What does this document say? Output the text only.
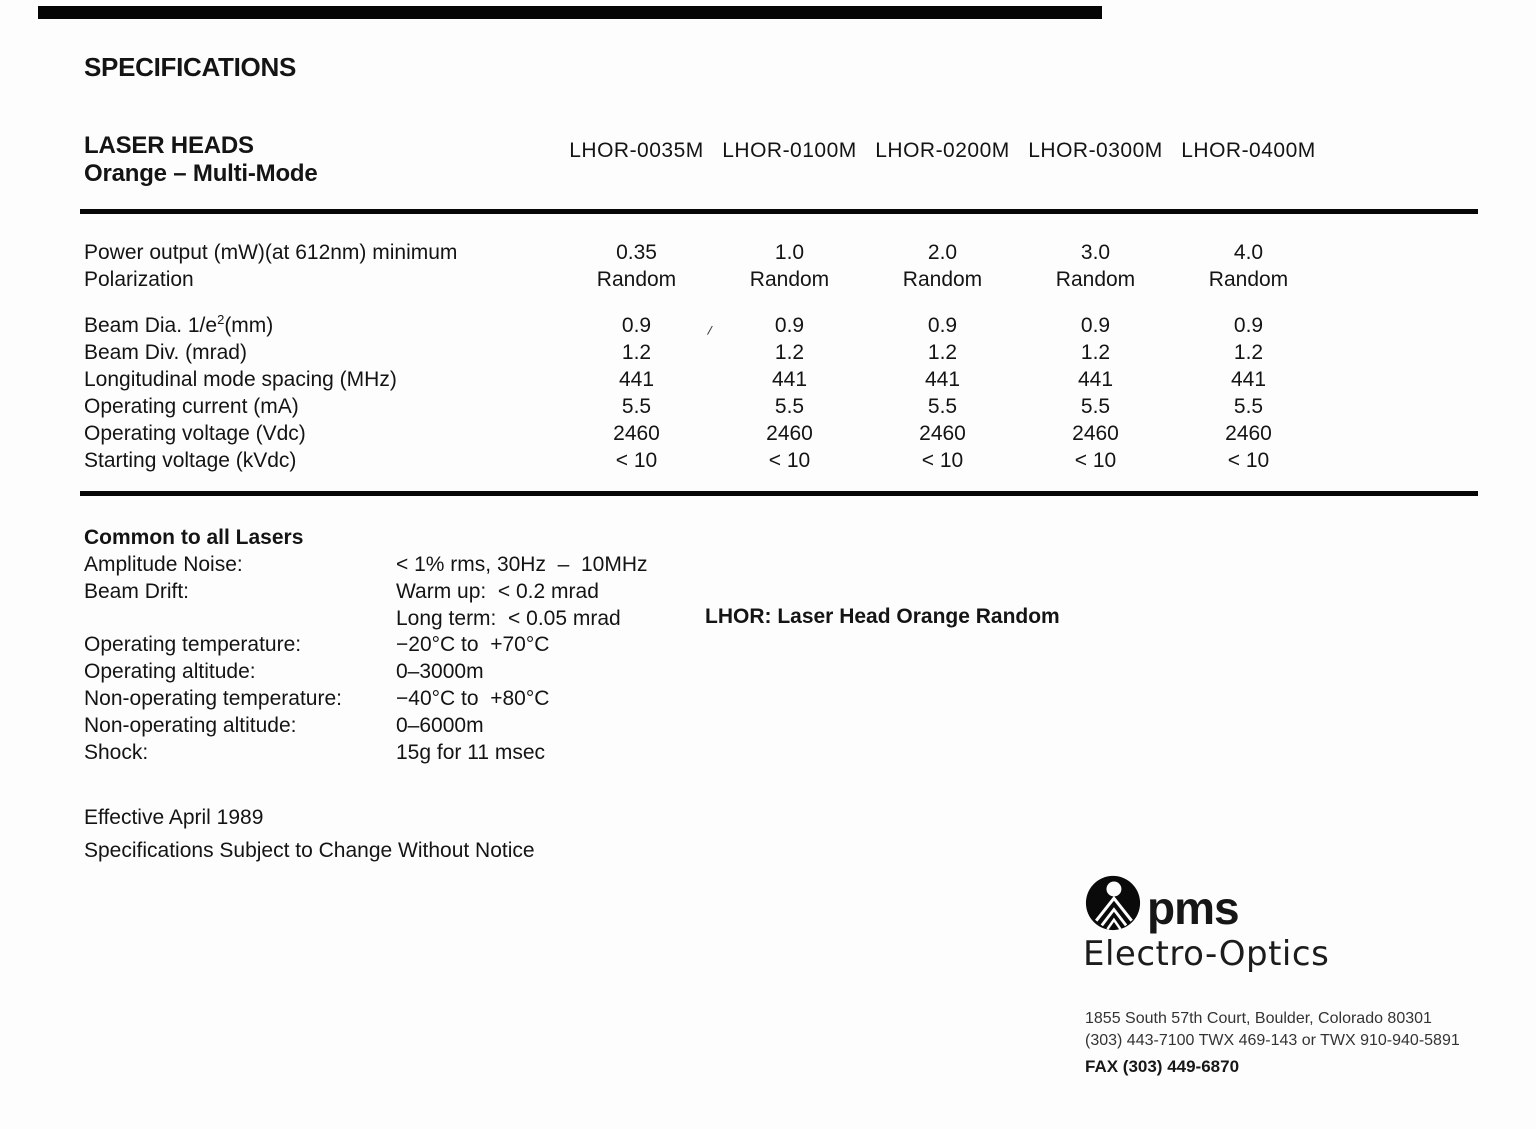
SPECIFICATIONS
LASER HEADS
Orange – Multi-Mode
LHOR-0035M LHOR-0100M LHOR-0200M LHOR-0300M LHOR-0400M
Power output (mW)(at 612nm) minimum	0.35	1.0	2.0	3.0	4.0
Polarization	Random	Random	Random	Random	Random
Beam Dia. $1/e^2(mm)$	0.9	0.9	0.9	0.9	0.9
Beam Div. (mrad)	1.2	1.2	1.2	1.2	1.2
Longitudinal mode spacing (MHz)	441	441	441	441	441
Operating current (mA)	5.5	5.5	5.5	5.5	5.5
Operating voltage (Vdc)	2460	2460	2460	2460	2460
Starting voltage (kVdc)	< 10	< 10	< 10	< 10	< 10
/
Common to all Lasers
Amplitude Noise:	< 1% rms, 30Hz  –  10MHz
Beam Drift:	Warm up:  < 0.2 mrad
Long term:  < 0.05 mrad
Operating temperature:	−20°C to  +70°C
Operating altitude:	0–3000m
Non-operating temperature:	−40°C to  +80°C
Non-operating altitude:	0–6000m
Shock:	15g for 11 msec
LHOR: Laser Head Orange Random
Effective April 1989
Specifications Subject to Change Without Notice
pms
Electro-Optics
1855 South 57th Court, Boulder, Colorado 80301
(303) 443-7100 TWX 469-143 or TWX 910-940-5891
FAX (303) 449-6870
